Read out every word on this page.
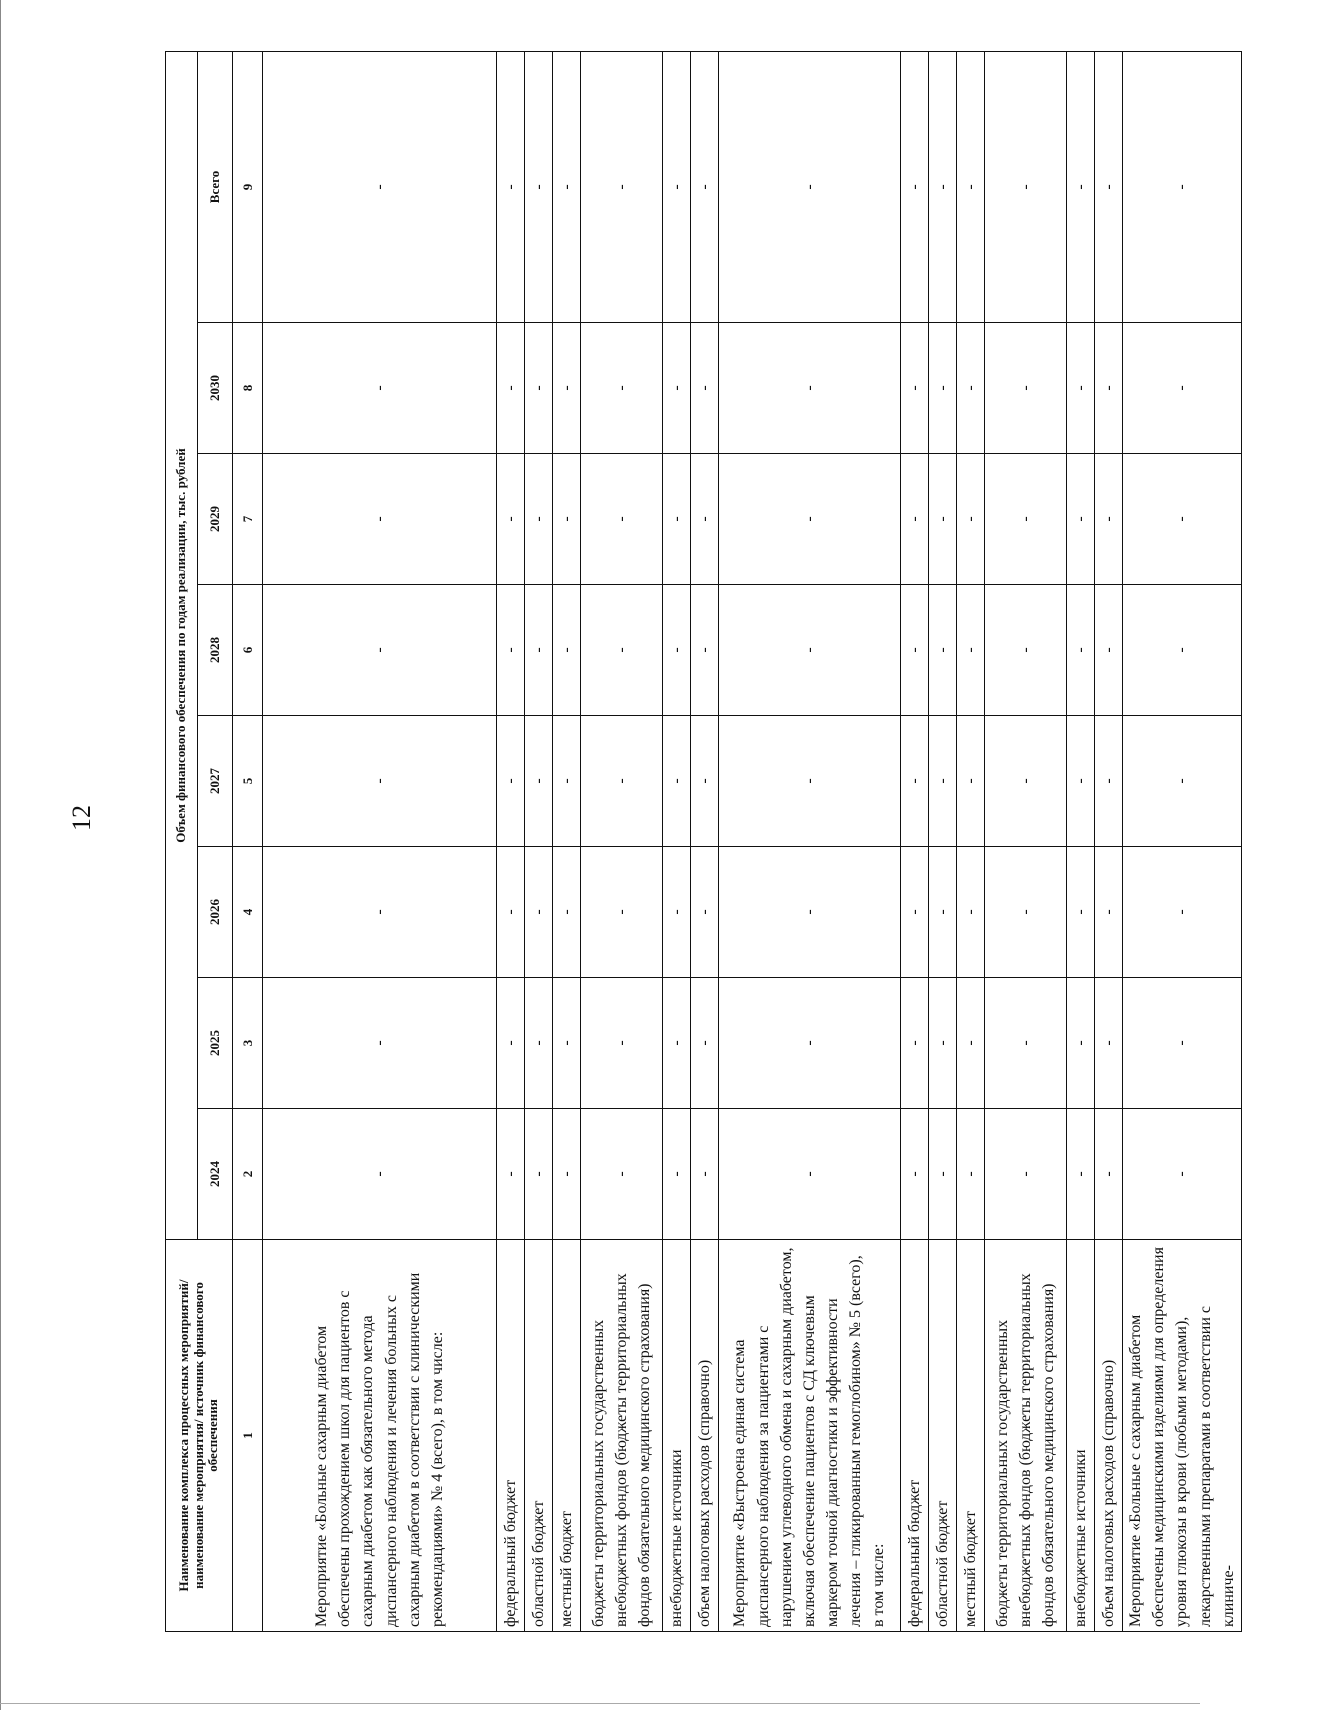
12
Наименование комплекса процессных мероприятий/наименование мероприятия/ источник финансового обеспечения	Объем финансового обеспечения по годам реализации, тыс. рублей							
	2024	2025	2026	2027	2028	2029	2030	Всего
1	2	3	4	5	6	7	8	9
Мероприятие «Больные сахарным диабетом обеспечены прохождением школ для пациентов с сахарным диабетом как обязательного метода диспансерного наблюдения и лечения больных с сахарным диабетом в соответствии с клиническими рекомендациями» № 4 (всего), в том числе:	-	-	-	-	-	-	-	-
федеральный бюджет	-	-	-	-	-	-	-	-
областной бюджет	-	-	-	-	-	-	-	-
местный бюджет	-	-	-	-	-	-	-	-
бюджеты территориальных государственных внебюджетных фондов (бюджеты территориальных фондов обязательного медицинского страхования)	-	-	-	-	-	-	-	-
внебюджетные источники	-	-	-	-	-	-	-	-
объем налоговых расходов (справочно)	-	-	-	-	-	-	-	-
Мероприятие «Выстроена единая система диспансерного наблюдения за пациентами с нарушением углеводного обмена и сахарным диабетом, включая обеспечение пациентов с СД ключевым маркером точной диагностики и эффективности лечения – гликированным гемоглобином» № 5 (всего), в том числе:	-	-	-	-	-	-	-	-
федеральный бюджет	-	-	-	-	-	-	-	-
областной бюджет	-	-	-	-	-	-	-	-
местный бюджет	-	-	-	-	-	-	-	-
бюджеты территориальных государственных внебюджетных фондов (бюджеты территориальных фондов обязательного медицинского страхования)	-	-	-	-	-	-	-	-
внебюджетные источники	-	-	-	-	-	-	-	-
объем налоговых расходов (справочно)	-	-	-	-	-	-	-	-
Мероприятие «Больные с сахарным диабетом обеспечены медицинскими изделиями для определения уровня глюкозы в крови (любыми методами), лекарственными препаратами в соответствии с клиниче-	-	-	-	-	-	-	-	-
